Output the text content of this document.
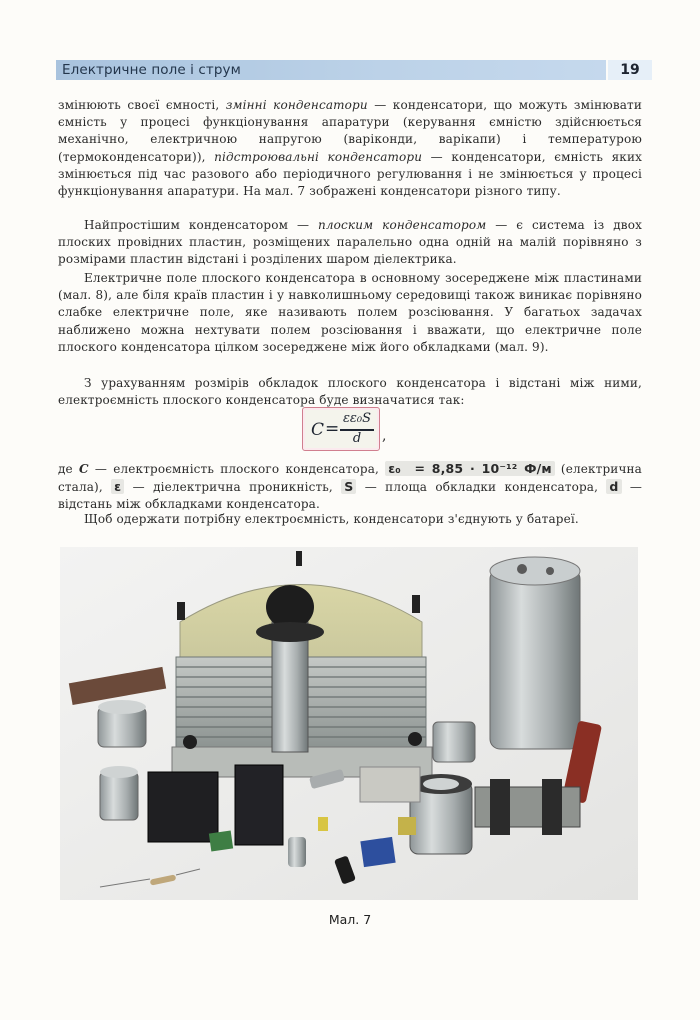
Електричне поле і струм	19
змінюють своєї ємності, змінні конденсатори — конденсатори, що можуть змінювати ємність у процесі функціонування апаратури (керування ємністю здійснюється механічно, електричною напругою (варіконди, варікапи) і температурою (термоконденсатори)), підстроювальні конденсатори — конденсатори, ємність яких змінюється під час разового або періодичного регулювання і не змінюється у процесі функціонування апаратури. На мал. 7 зображені конденсатори різного типу.
Найпростішим конденсатором — плоским конденсатором — є система із двох плоских провідних пластин, розміщених паралельно одна одній на малій порівняно з розмірами пластин відстані і розділених шаром діелектрика.
Електричне поле плоского конденсатора в основному зосереджене між пластинами (мал. 8), але біля країв пластин і у навколишньому середовищі також виникає порівняно слабке електричне поле, яке називають полем розсіювання. У багатьох задачах наближено можна нехтувати полем розсіювання і вважати, що електричне поле плоского конденсатора цілком зосереджене між його обкладками (мал. 9).
З урахуванням розмірів обкладок плоского конденсатора і відстані між ними, електроємність плоского конденсатора буде визначатися так:
C =
εε₀S
d	,
де C — електроємність плоского конденсатора, ε₀ = 8,85 · 10⁻¹² Ф/м (електрична стала), ε — діелектрична проникність, S — площа обкладки конденсатора, d — відстань між обкладками конденсатора.
Щоб одержати потрібну електроємність, конденсатори з'єднують у батареї.
Мал. 7
